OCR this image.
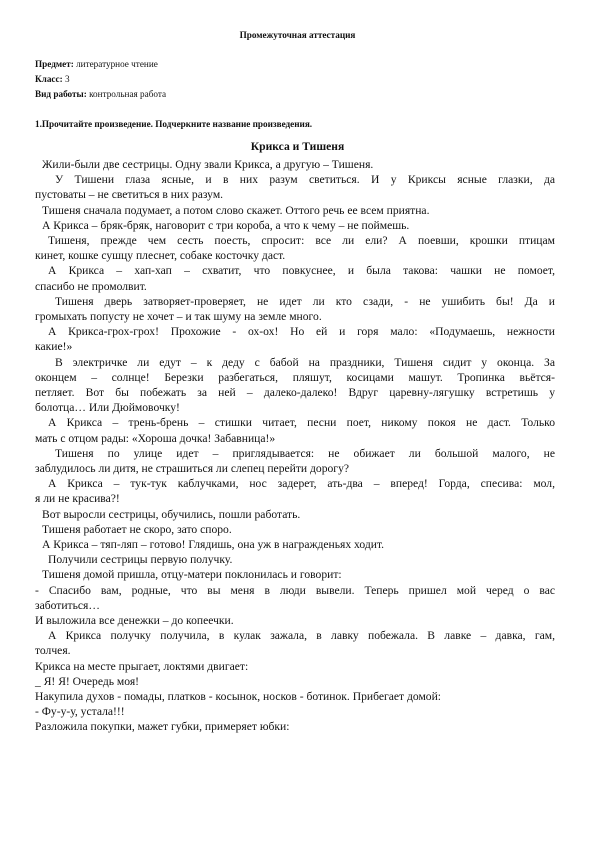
Промежуточная аттестация
Предмет: литературное чтение
Класс: 3
Вид работы: контрольная работа
1.Прочитайте произведение. Подчеркните название произведения.
Крикса и Тишеня
Жили-были две сестрицы. Одну звали Крикса, а другую – Тишеня.
У Тишени глаза ясные, и в них разум светиться. И у Криксы ясные глазки, да
пустоваты – не светиться в них разум.
Тишеня сначала подумает, а потом слово скажет. Оттого речь ее всем приятна.
А Крикса – бряк-бряк, наговорит с три короба, а что к чему – не поймешь.
Тишеня, прежде чем сесть поесть, спросит: все ли ели? А поевши, крошки птицам
кинет, кошке сушцу плеснет, собаке косточку даст.
А Крикса – хап-хап – схватит, что повкуснее, и была такова: чашки не помоет,
спасибо не промолвит.
Тишеня дверь затворяет-проверяет, не идет ли кто сзади, - не ушибить бы! Да и
громыхать попусту не хочет – и так шуму на земле много.
А Крикса-грох-грох! Прохожие - ох-ох! Но ей и горя мало: «Подумаешь, нежности
какие!»
В электричке ли едут – к деду с бабой на праздники, Тишеня сидит у оконца. За
оконцем – солнце! Березки разбегаться, пляшут, косицами машут. Тропинка вьётся-
петляет. Вот бы побежать за ней – далеко-далеко! Вдруг царевну-лягушку встретишь у
болотца… Или Дюймовочку!
А Крикса – трень-брень – стишки читает, песни поет, никому покоя не даст. Только
мать с отцом рады: «Хороша дочка! Забавница!»
Тишеня по улице идет – приглядывается: не обижает ли большой малого, не
заблудилось ли дитя, не страшиться ли слепец перейти дорогу?
А Крикса – тук-тук каблучками, нос задерет, ать-два – вперед! Горда, спесива: мол,
я ли не красива?!
Вот выросли сестрицы, обучились, пошли работать.
Тишеня работает не скоро, зато спoро.
А Крикса – тяп-ляп – готово! Глядишь, она уж в награжденьях ходит.
Получили сестрицы первую получку.
Тишеня домой пришла, отцу-матери поклонилась и говорит:
- Спасибо вам, родные, что вы меня в люди вывели. Теперь пришел мой черед о вас
заботиться…
И выложила все денежки – до копеечки.
А Крикса получку получила, в кулак зажала, в лавку побежала. В лавке – давка, гам,
толчея.
Крикса на месте прыгает, локтями двигает:
_ Я! Я! Очередь моя!
Накупила духов - помады, платков - косынок, носков - ботинок. Прибегает домой:
- Фу-у-у, устала!!!
Разложила покупки, мажет губки, примеряет юбки:
